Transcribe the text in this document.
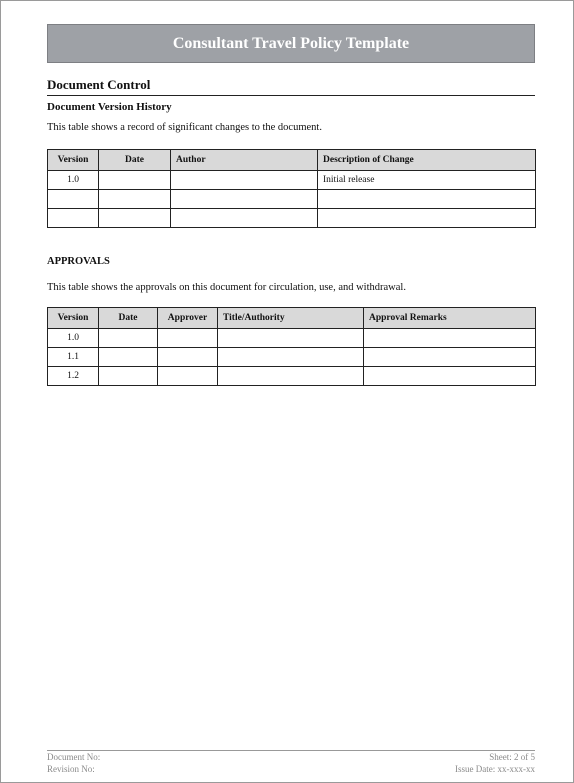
Consultant Travel Policy Template
Document Control
Document Version History
This table shows a record of significant changes to the document.
Version	Date	Author	Description of Change
1.0			Initial release

APPROVALS
This table shows the approvals on this document for circulation, use, and withdrawal.
Version	Date	Approver	Title/Authority	Approval Remarks
1.0				
1.1				
1.2				
Document No:
Revision No:
Sheet: 2 of 5
Issue Date: xx-xxx-xx
